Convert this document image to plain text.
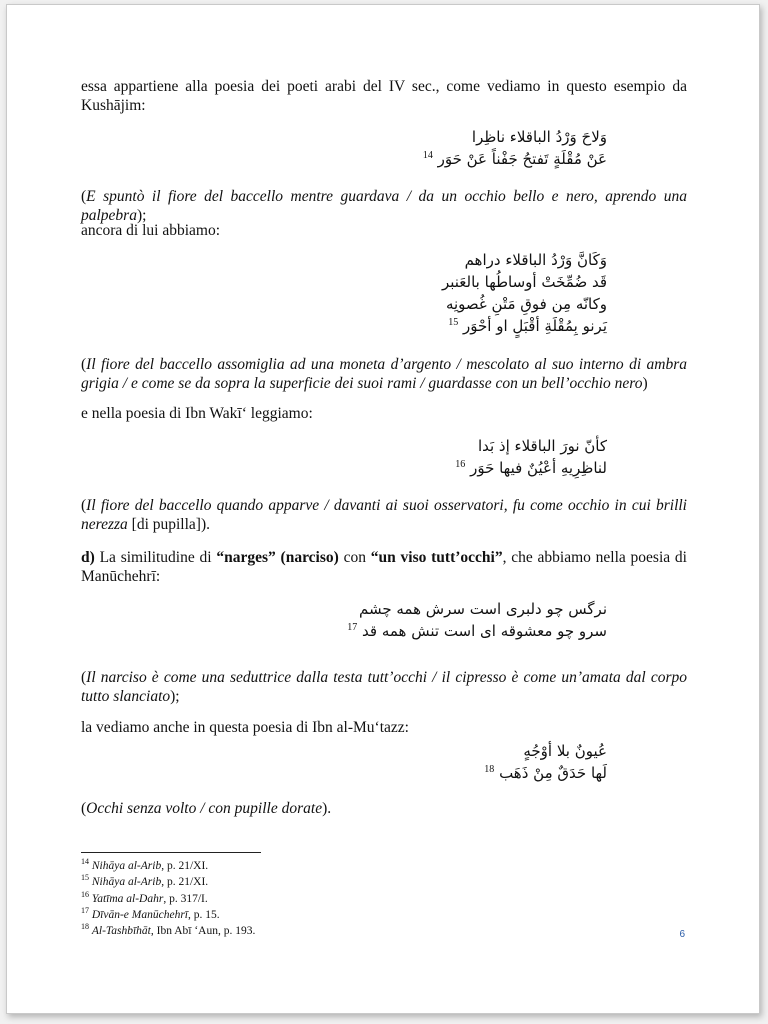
essa appartiene alla poesia dei poeti arabi del IV sec., come vediamo in questo esempio da Kushājim:
وَلاحَ وَرْدُ الباقلاء ناظِرا
عَنْ مُقْلَةٍ تَفتحُ جَفْناً عَنْ حَوَر $^{14}$
(E spuntò il fiore del baccello mentre guardava / da un occhio bello e nero, aprendo una palpebra);
ancora di lui abbiamo:
وَكَانَّ وَرْدُ الباقلاء دراهم
قَد ضُمِّخَتْ أوساطُها بالعَنبر
وكانّه مِن فوقِ مَتْنِ غُصونِه
يَرنو بِمُقْلَةِ أقْبَلٍ او أحْوَر $^{15}$
(Il fiore del baccello assomiglia ad una moneta d’argento / mescolato al suo interno di ambra grigia / e come se da sopra la superficie dei suoi rami / guardasse con un bell’occhio nero)
e nella poesia di Ibn Wakī‘ leggiamo:
كأنّ نورَ الباقلاء إذ بَدا
لناظِرِيهِ أعْيُنٌ فيها حَوَر $^{16}$
(Il fiore del baccello quando apparve / davanti ai suoi osservatori, fu come occhio in cui brilli nerezza [di pupilla]).
d) La similitudine di “narges” (narciso) con “un viso tutt’occhi”, che abbiamo nella poesia di Manūchehrī:
نرگس چو دلبری است سرش همه چشم
سرو چو معشوقه ای است تنش همه قد $^{17}$
(Il narciso è come una seduttrice dalla testa tutt’occhi / il cipresso è come un’amata dal corpo tutto slanciato);
la vediamo anche in questa poesia di Ibn al-Mu‘tazz:
عُيونٌ بلا أوْجُهٍ
لَها حَدَقٌ مِنْ ذَهَب $^{18}$
(Occhi senza volto / con pupille dorate).
$^{14}$ Nihāya al-Arib, p. 21/XI.
$^{15}$ Nihāya al-Arib, p. 21/XI.
$^{16}$ Yatīma al-Dahr, p. 317/I.
$^{17}$ Dīvān-e Manūchehrī, p. 15.
$^{18}$ Al-Tashbīhāt, Ibn Abī ‘Aun, p. 193.	6
